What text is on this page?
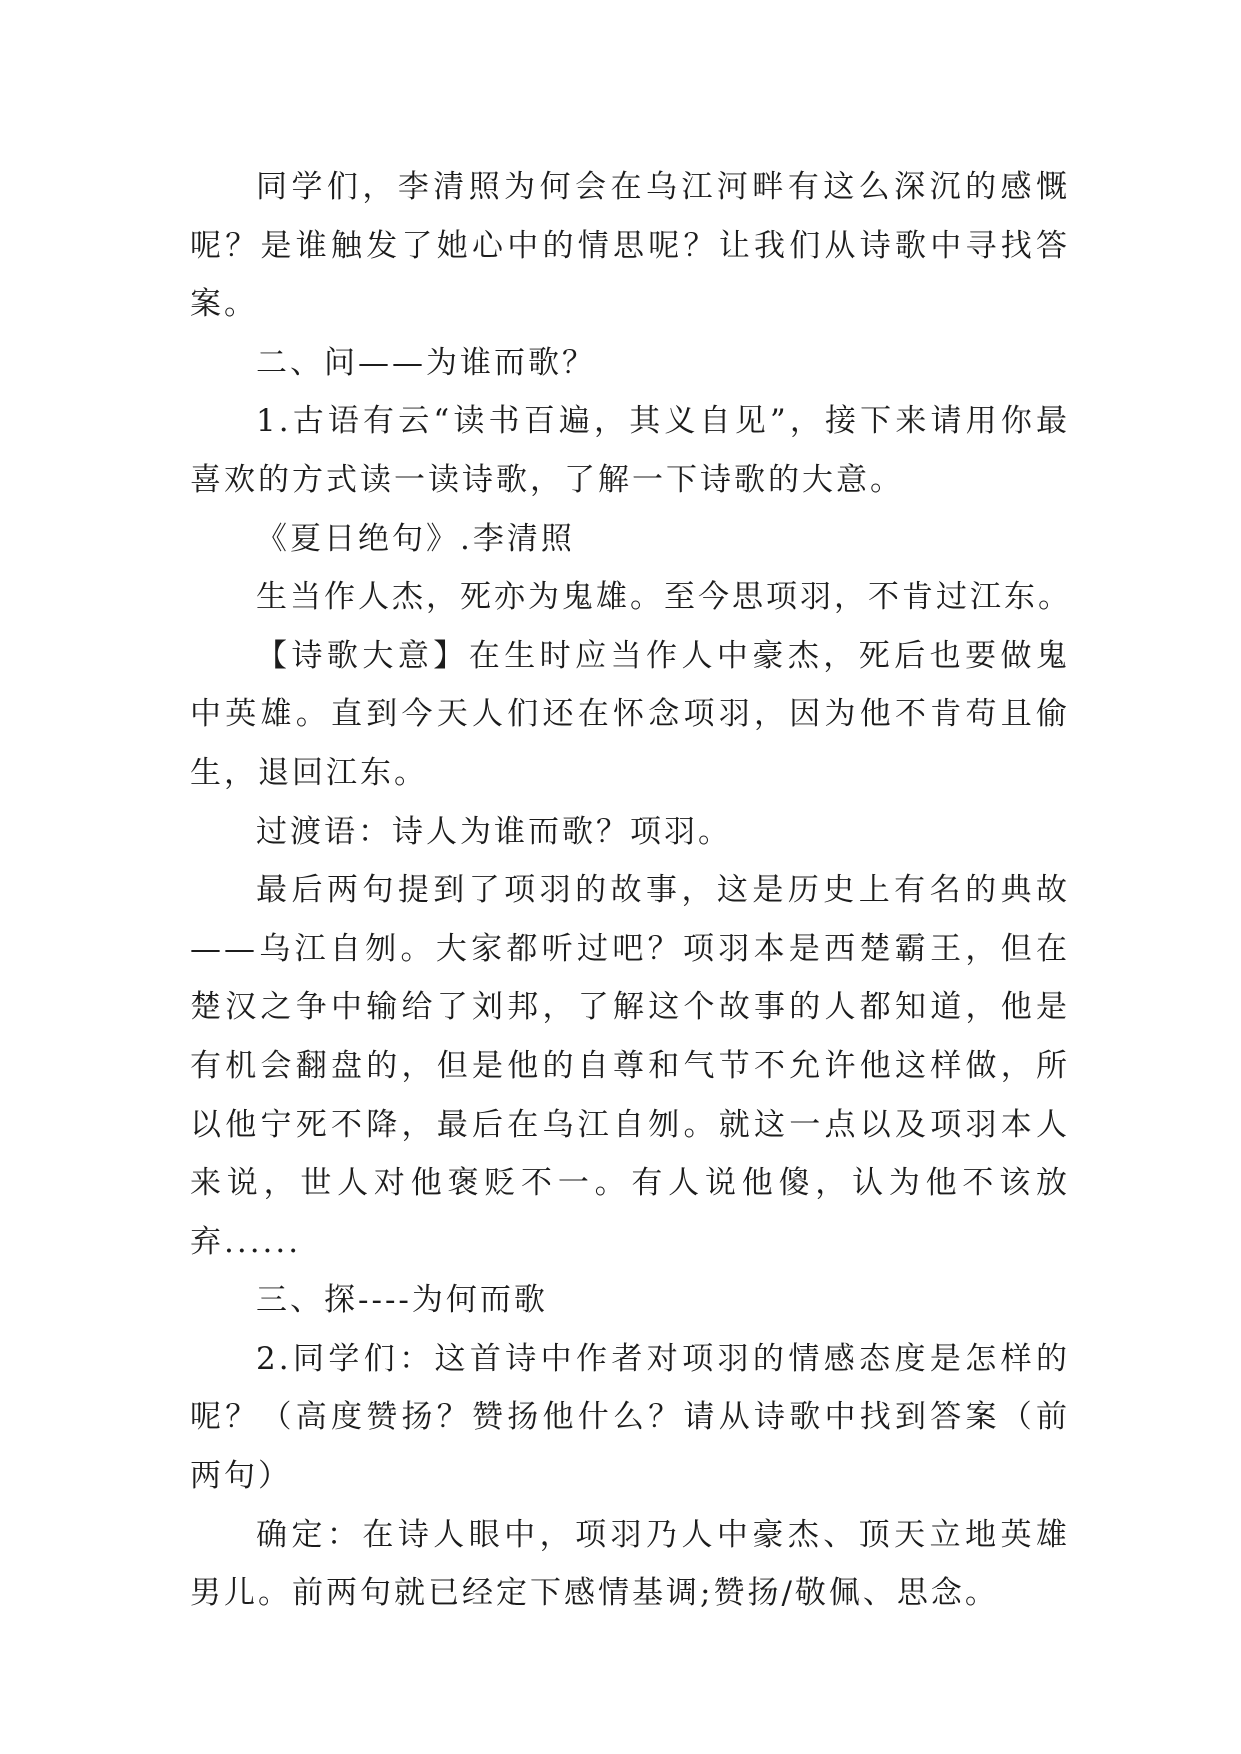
同学们，李清照为何会在乌江河畔有这么深沉的感慨呢？是谁触发了她心中的情思呢？让我们从诗歌中寻找答案。

二、问——为谁而歌？

1.古语有云“读书百遍，其义自见”，接下来请用你最喜欢的方式读一读诗歌，了解一下诗歌的大意。

《夏日绝句》.李清照

生当作人杰，死亦为鬼雄。至今思项羽，不肯过江东。

【诗歌大意】在生时应当作人中豪杰，死后也要做鬼中英雄。直到今天人们还在怀念项羽，因为他不肯苟且偷生，退回江东。

过渡语：诗人为谁而歌？项羽。

最后两句提到了项羽的故事，这是历史上有名的典故——乌江自刎。大家都听过吧？项羽本是西楚霸王，但在楚汉之争中输给了刘邦，了解这个故事的人都知道，他是有机会翻盘的，但是他的自尊和气节不允许他这样做，所以他宁死不降，最后在乌江自刎。就这一点以及项羽本人来说，世人对他褒贬不一。有人说他傻，认为他不该放弃......

三、探----为何而歌

2.同学们：这首诗中作者对项羽的情感态度是怎样的呢？（高度赞扬？赞扬他什么？请从诗歌中找到答案（前两句）

确定：在诗人眼中，项羽乃人中豪杰、顶天立地英雄男儿。前两句就已经定下感情基调;赞扬/敬佩、思念。
